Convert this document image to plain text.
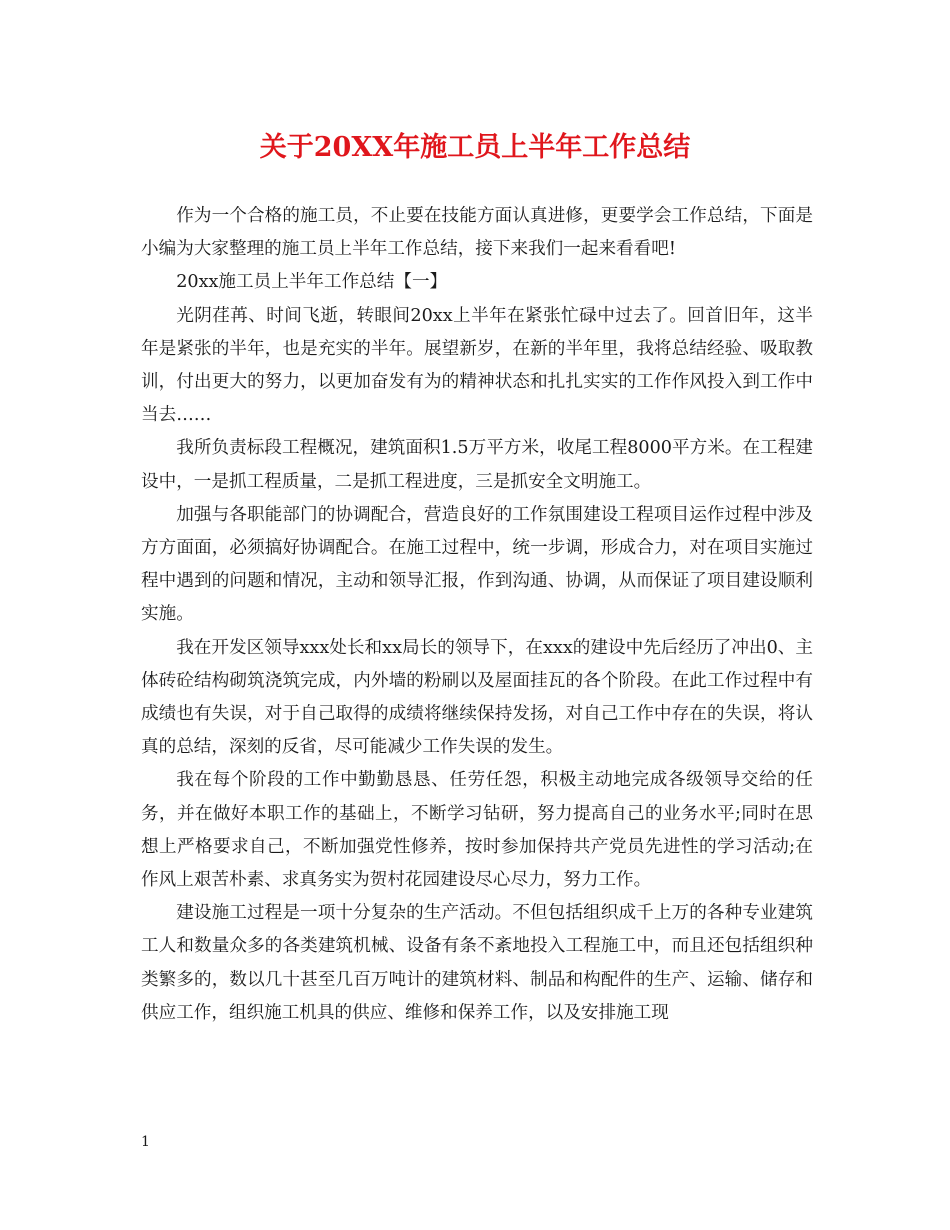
关于20XX年施工员上半年工作总结

作为一个合格的施工员，不止要在技能方面认真进修，更要学会工作总结，下面是小编为大家整理的施工员上半年工作总结，接下来我们一起来看看吧!

20xx施工员上半年工作总结【一】

光阴荏苒、时间飞逝，转眼间20xx上半年在紧张忙碌中过去了。回首旧年，这半年是紧张的半年，也是充实的半年。展望新岁，在新的半年里，我将总结经验、吸取教训，付出更大的努力，以更加奋发有为的精神状态和扎扎实实的工作作风投入到工作中当去……

我所负责标段工程概况，建筑面积1.5万平方米，收尾工程8000平方米。在工程建设中，一是抓工程质量，二是抓工程进度，三是抓安全文明施工。

加强与各职能部门的协调配合，营造良好的工作氛围建设工程项目运作过程中涉及方方面面，必须搞好协调配合。在施工过程中，统一步调，形成合力，对在项目实施过程中遇到的问题和情况，主动和领导汇报，作到沟通、协调，从而保证了项目建设顺利实施。

我在开发区领导xxx处长和xx局长的领导下，在xxx的建设中先后经历了冲出0、主体砖砼结构砌筑浇筑完成，内外墙的粉刷以及屋面挂瓦的各个阶段。在此工作过程中有成绩也有失误，对于自己取得的成绩将继续保持发扬，对自己工作中存在的失误，将认真的总结，深刻的反省，尽可能减少工作失误的发生。

我在每个阶段的工作中勤勤恳恳、任劳任怨，积极主动地完成各级领导交给的任务，并在做好本职工作的基础上，不断学习钻研，努力提高自己的业务水平;同时在思想上严格要求自己，不断加强党性修养，按时参加保持共产党员先进性的学习活动;在作风上艰苦朴素、求真务实为贺村花园建设尽心尽力，努力工作。

建设施工过程是一项十分复杂的生产活动。不但包括组织成千上万的各种专业建筑工人和数量众多的各类建筑机械、设备有条不紊地投入工程施工中，而且还包括组织种类繁多的，数以几十甚至几百万吨计的建筑材料、制品和构配件的生产、运输、储存和供应工作，组织施工机具的供应、维修和保养工作，以及安排施工现

1
